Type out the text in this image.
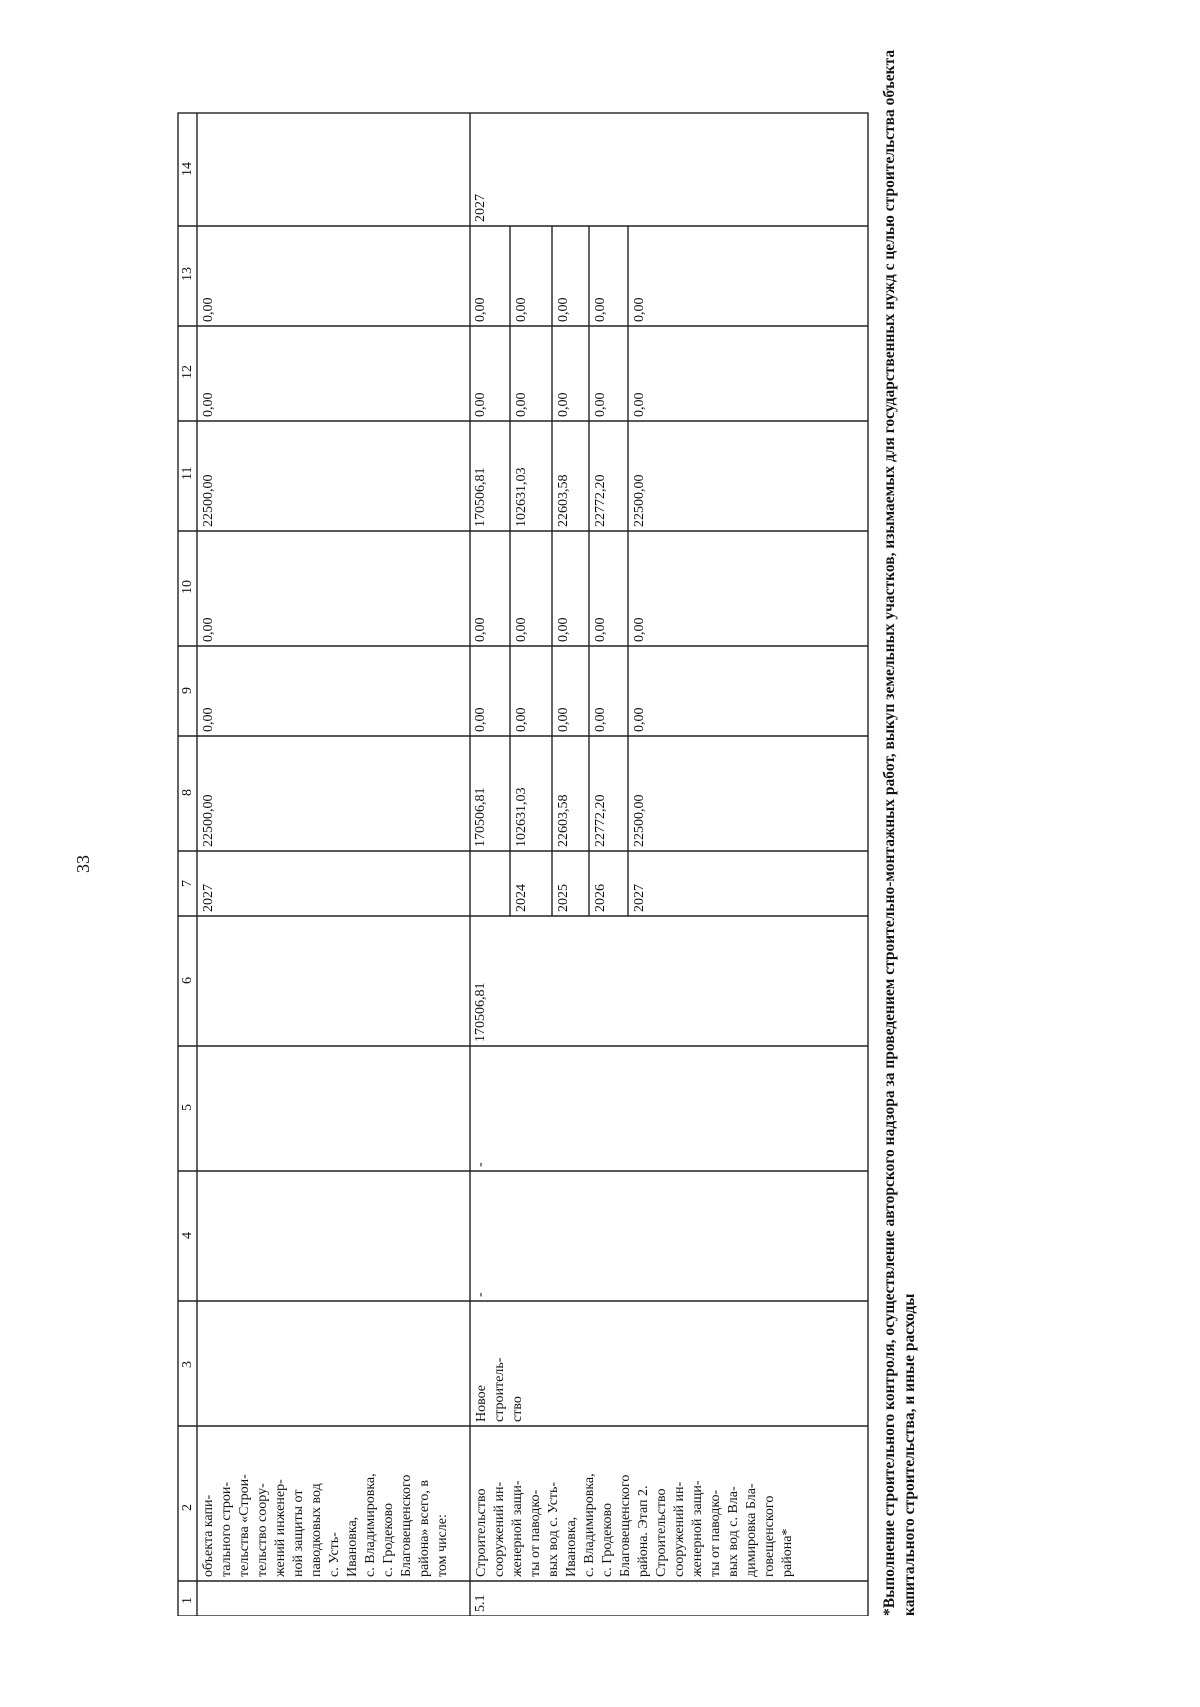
33
1
2
3
4
5
6
7
8
9
10
11
12
13
14
объекта капи-
тального строи-
тельства «Строи-
тельство соору-
жений инженер-
ной защиты от
паводковых вод
с. Усть-
Ивановка,
с. Владимировка,
с. Гродеково
Благовещенского
района» всего, в
том числе:
2027
22500,00
0,00
0,00
22500,00
0,00
0,00
5.1
Строительство
сооружений ин-
женерной защи-
ты от паводко-
вых вод с. Усть-
Ивановка,
с. Владимировка,
с. Гродеково
Благовещенского
района. Этап 2.
Строительство
сооружений ин-
женерной защи-
ты от паводко-
вых вод с. Вла-
димировка Бла-
говещенского
района*
Новое
строитель-
ство
-
-
170506,81
170506,81
0,00
0,00
170506,81
0,00
0,00
2027
2024
102631,03
0,00
0,00
102631,03
0,00
0,00
2025
22603,58
0,00
0,00
22603,58
0,00
0,00
2026
22772,20
0,00
0,00
22772,20
0,00
0,00
2027
22500,00
0,00
0,00
22500,00
0,00
0,00	*Выполнение строительного контроля, осуществление авторского надзора за проведением строительно-монтажных работ, выкуп земельных участков, изымаемых для государственных нужд с целью строительства объекта капитального строительства, и иные расходы
